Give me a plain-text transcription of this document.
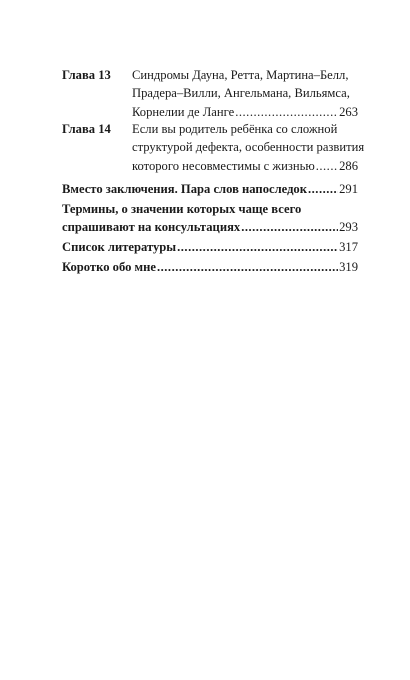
Глава 13 Синдромы Дауна, Ретта, Мартина–Белл,
Прадера–Вилли, Ангельмана, Вильямса,
Корнелии де Ланге .....	263
Глава 14 Если вы родитель ребёнка со сложной
структурой дефекта, особенности развития
которого несовместимы с жизнью ..... 286
Вместо заключения. Пара слов напоследок .....	291
Термины, о значении которых чаще всего
спрашивают на консультациях .....	293
Список литературы .....	317
Коротко обо мне .....	319
